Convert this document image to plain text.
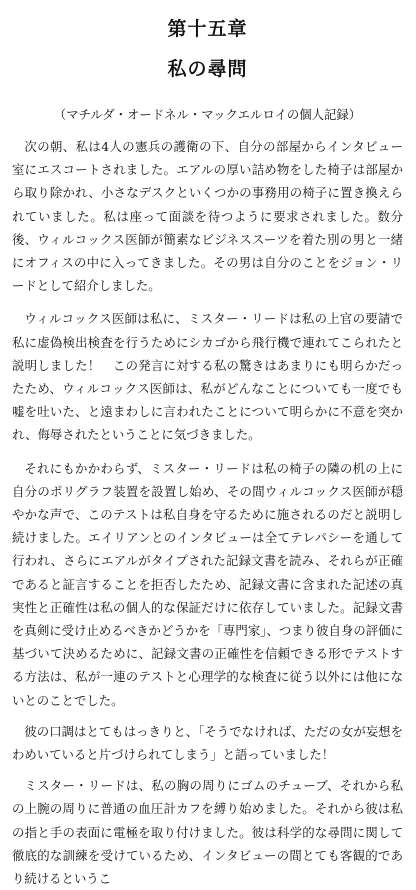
第十五章
私の尋問
（マチルダ・オードネル・マックエルロイの個人記録）

次の朝、私は4人の憲兵の護衛の下、自分の部屋からインタビュー室にエスコートされました。エアルの厚い詰め物をした椅子は部屋から取り除かれ、小さなデスクといくつかの事務用の椅子に置き換えられていました。私は座って面談を待つように要求されました。数分後、ウィルコックス医師が簡素なビジネススーツを着た別の男と一緒にオフィスの中に入ってきました。その男は自分のことをジョン・リードとして紹介しました。

ウィルコックス医師は私に、ミスター・リードは私の上官の要請で私に虚偽検出検査を行うためにシカゴから飛行機で連れてこられたと説明しました！　この発言に対する私の驚きはあまりにも明らかだったため、ウィルコックス医師は、私がどんなことについても一度でも嘘を吐いた、と遠まわしに言われたことについて明らかに不意を突かれ、侮辱されたということに気づきました。

それにもかかわらず、ミスター・リードは私の椅子の隣の机の上に自分のポリグラフ装置を設置し始め、その間ウィルコックス医師が穏やかな声で、このテストは私自身を守るために施されるのだと説明し続けました。エイリアンとのインタビューは全てテレパシーを通して行われ、さらにエアルがタイプされた記録文書を読み、それらが正確であると証言することを拒否したため、記録文書に含まれた記述の真実性と正確性は私の個人的な保証だけに依存していました。記録文書を真剣に受け止めるべきかどうかを「専門家」、つまり彼自身の評価に基づいて決めるために、記録文書の正確性を信頼できる形でテストする方法は、私が一連のテストと心理学的な検査に従う以外には他にないとのことでした。

彼の口調はとてもはっきりと、「そうでなければ、ただの女が妄想をわめいていると片づけられてしまう」と語っていました！

ミスター・リードは、私の胸の周りにゴムのチューブ、それから私の上腕の周りに普通の血圧計カフを縛り始めました。それから彼は私の指と手の表面に電極を取り付けました。彼は科学的な尋問に関して徹底的な訓練を受けているため、インタビューの間とても客観的であり続けるというこ
